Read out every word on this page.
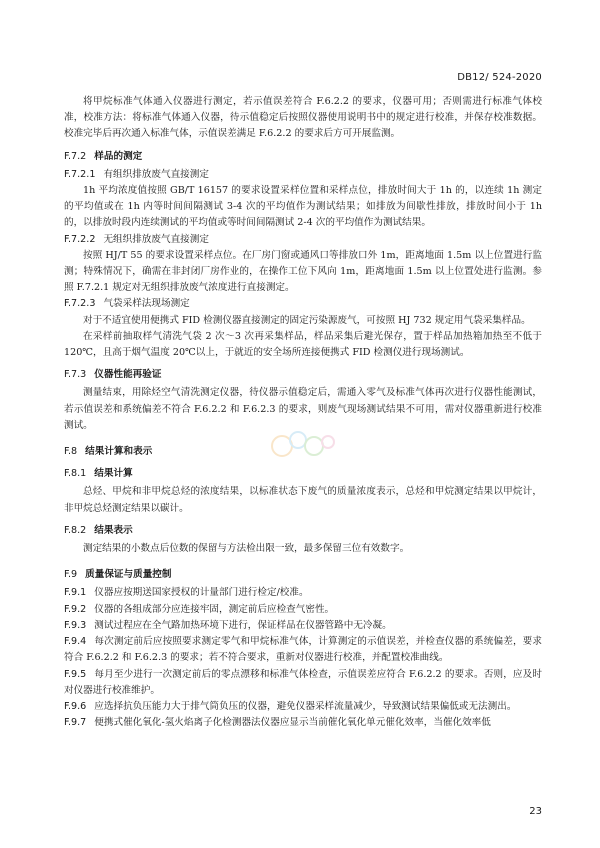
DB12/ 524-2020

将甲烷标准气体通入仪器进行测定，若示值误差符合 F.6.2.2 的要求，仪器可用；否则需进行标准气体校准，校准方法：将标准气体通入仪器，待示值稳定后按照仪器使用说明书中的规定进行校准，并保存校准数据。校准完毕后再次通入标准气体，示值误差满足 F.6.2.2 的要求后方可开展监测。

F.7.2 样品的测定
F.7.2.1 有组织排放废气直接测定

1h 平均浓度值按照 GB/T 16157 的要求设置采样位置和采样点位，排放时间大于 1h 的，以连续 1h 测定的平均值或在 1h 内等时间间隔测试 3-4 次的平均值作为测试结果；如排放为间歇性排放，排放时间小于 1h 的，以排放时段内连续测试的平均值或等时间间隔测试 2-4 次的平均值作为测试结果。

F.7.2.2 无组织排放废气直接测定

按照 HJ/T 55 的要求设置采样点位。在厂房门窗或通风口等排放口外 1m，距离地面 1.5m 以上位置进行监测；特殊情况下，确需在非封闭厂房作业的，在操作工位下风向 1m，距离地面 1.5m 以上位置处进行监测。参照 F.7.2.1 规定对无组织排放废气浓度进行直接测定。

F.7.2.3 气袋采样法现场测定

对于不适宜使用便携式 FID 检测仪器直接测定的固定污染源废气，可按照 HJ 732 规定用气袋采集样品。

在采样前抽取样气清洗气袋 2 次～3 次再采集样品，样品采集后避光保存，置于样品加热箱加热至不低于 120℃，且高于烟气温度 20℃以上，于就近的安全场所连接便携式 FID 检测仪进行现场测试。

F.7.3 仪器性能再验证

测量结束，用除烃空气清洗测定仪器，待仪器示值稳定后，需通入零气及标准气体再次进行仪器性能测试，若示值误差和系统偏差不符合 F.6.2.2 和 F.6.2.3 的要求，则废气现场测试结果不可用，需对仪器重新进行校准测试。

F.8 结果计算和表示
F.8.1 结果计算

总烃、甲烷和非甲烷总烃的浓度结果，以标准状态下废气的质量浓度表示，总烃和甲烷测定结果以甲烷计，非甲烷总烃测定结果以碳计。

F.8.2 结果表示

测定结果的小数点后位数的保留与方法检出限一致，最多保留三位有效数字。

F.9 质量保证与质量控制
F.9.1 仪器应按期送国家授权的计量部门进行检定/校准。
F.9.2 仪器的各组成部分应连接牢固，测定前后应检查气密性。
F.9.3 测试过程应在全气路加热环境下进行，保证样品在仪器管路中无冷凝。
F.9.4 每次测定前后应按照要求测定零气和甲烷标准气体，计算测定的示值误差，并检查仪器的系统偏差，要求符合 F.6.2.2 和 F.6.2.3 的要求；若不符合要求，重新对仪器进行校准，并配置校准曲线。
F.9.5 每月至少进行一次测定前后的零点漂移和标准气体检查，示值误差应符合 F.6.2.2 的要求。否则，应及时对仪器进行校准维护。
F.9.6 应选择抗负压能力大于排气筒负压的仪器，避免仪器采样流量减少，导致测试结果偏低或无法测出。
F.9.7 便携式催化氧化-氢火焰离子化检测器法仪器应显示当前催化氧化单元催化效率，当催化效率低
23
